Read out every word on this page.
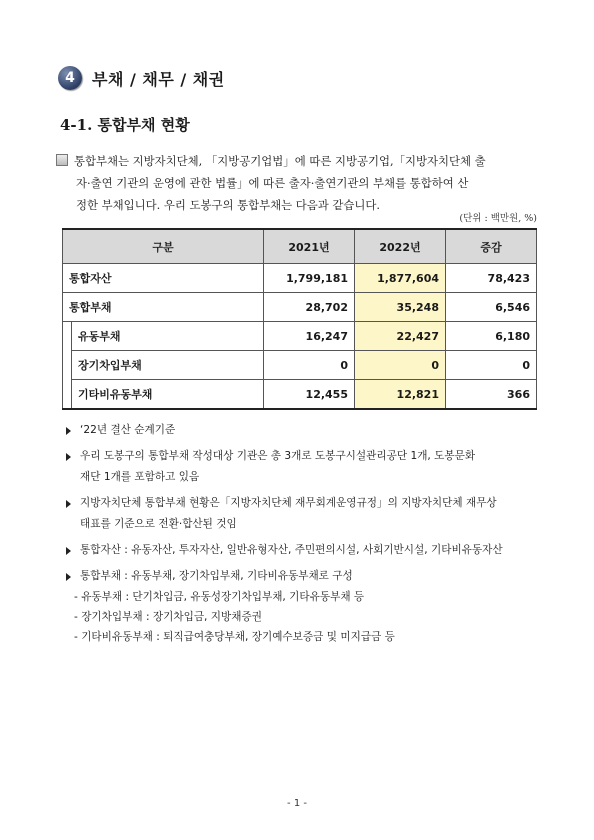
4	부채 / 채무 / 채권
4-1. 통합부채 현황

통합부채는 지방자치단체, 「지방공기업법」에 따른 지방공기업,「지방자치단체 출

자·출연 기관의 운영에 관한 법률」에 따른 출자·출연기관의 부채를 통합하여 산

정한 부채입니다. 우리 도봉구의 통합부채는 다음과 같습니다.

(단위 : 백만원, %)
구분		2021년	2022년	증감
통합자산		1,799,181	1,877,604	78,423
통합부채		28,702	35,248	6,546
	유동부채	16,247	22,427	6,180
	장기차입부채	0	0	0
	기타비유동부채	12,455	12,821	366
‘22년 결산 순계기준
우리 도봉구의 통합부채 작성대상 기관은 총 3개로 도봉구시설관리공단 1개, 도봉문화
재단 1개를 포함하고 있음
지방자치단체 통합부채 현황은「지방자치단체 재무회계운영규정」의 지방자치단체 재무상
태표를 기준으로 전환·합산된 것임
통합자산 : 유동자산, 투자자산, 일반유형자산, 주민편의시설, 사회기반시설, 기타비유동자산
통합부채 : 유동부채, 장기차입부채, 기타비유동부채로 구성
- 유동부채 : 단기차입금, 유동성장기차입부채, 기타유동부채 등
- 장기차입부채 : 장기차입금, 지방채증권
- 기타비유동부채 : 퇴직급여충당부채, 장기예수보증금 및 미지급금 등
- 1 -
